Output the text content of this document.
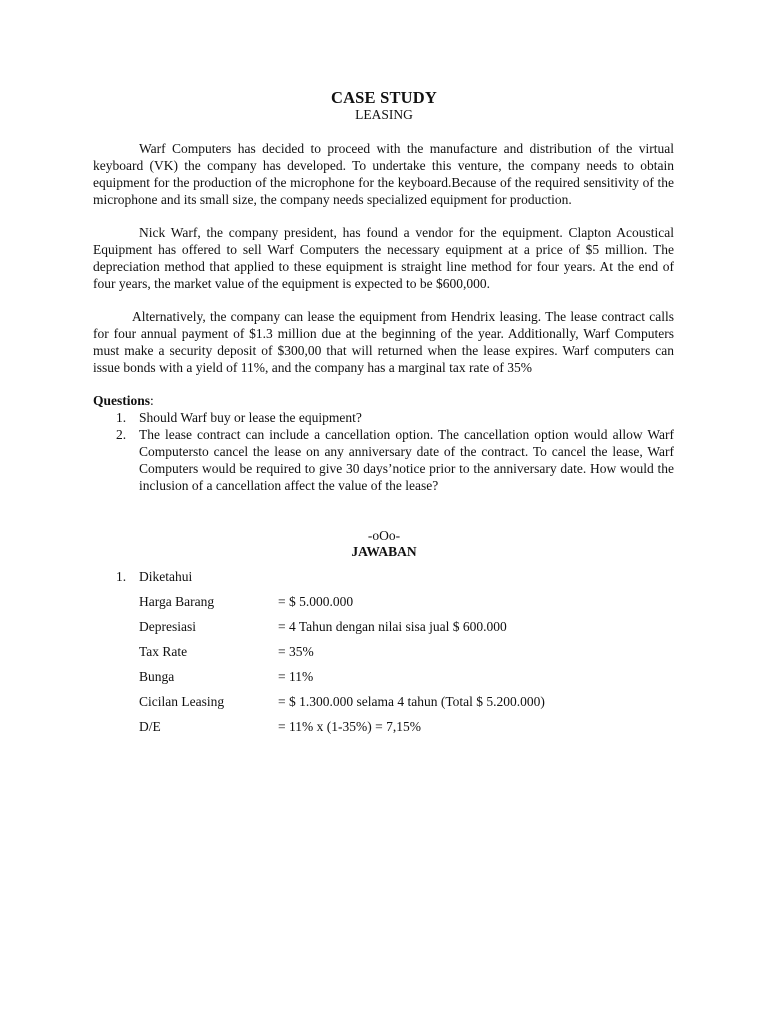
CASE STUDY
LEASING
Warf Computers has decided to proceed with the manufacture and distribution of the virtual keyboard (VK) the company has developed. To undertake this venture, the company needs to obtain equipment for the production of the microphone for the keyboard.Because of the required sensitivity of the microphone and its small size, the company needs specialized equipment for production.
Nick Warf, the company president, has found a vendor for the equipment. Clapton Acoustical Equipment has offered to sell Warf Computers the necessary equipment at a price of $5 million. The depreciation method that applied to these equipment is straight line method for four years. At the end of four years, the market value of the equipment is expected to be $600,000.
Alternatively, the company can lease the equipment from Hendrix leasing. The lease contract calls for four annual payment of $1.3 million due at the beginning of the year. Additionally, Warf Computers must make a security deposit of $300,00 that will returned when the lease expires. Warf computers can issue bonds with a yield of 11%, and the company has a marginal tax rate of 35%
Questions:
1. Should Warf buy or lease the equipment?
2. The lease contract can include a cancellation option. The cancellation option would allow Warf Computersto cancel the lease on any anniversary date of the contract. To cancel the lease, Warf Computers would be required to give 30 days’notice prior to the anniversary date. How would the inclusion of a cancellation affect the value of the lease?
-oOo-
JAWABAN
1. Diketahui
Harga Barang	= $ 5.000.000
Depresiasi	= 4 Tahun dengan nilai sisa jual $ 600.000
Tax Rate	= 35%
Bunga	= 11%
Cicilan Leasing	= $ 1.300.000 selama 4 tahun (Total $ 5.200.000)
D/E	= 11% x (1-35%) = 7,15%
